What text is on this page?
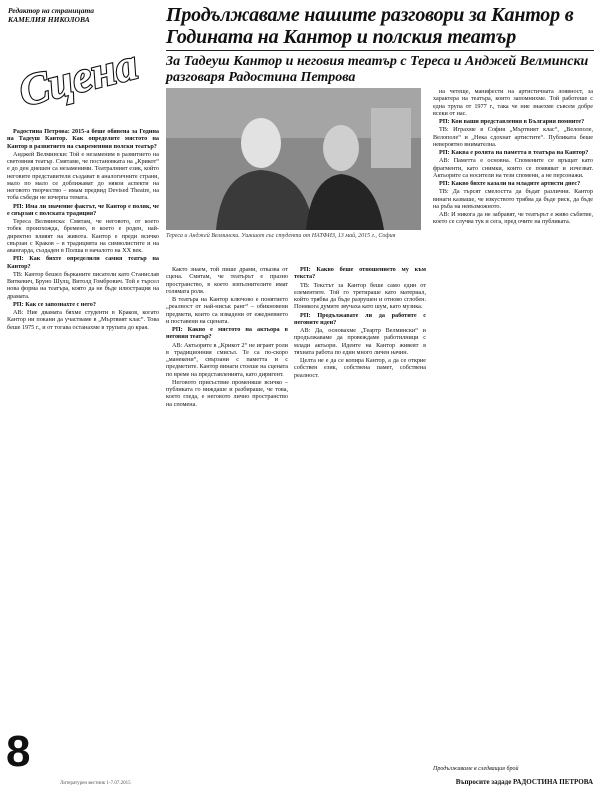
Редактор на страницата
КАМЕЛИЯ НИКОЛОВА
Сцена
Продължаваме нашите разговори за Кантор в Годината на Кантор и полския театър
За Тадеуш Кантор и неговия театър с Тереса и Анджей Велмински разговаря Радостина Петрова
Тереса и Анджей Велмински. Ушкшот със студенти от НАТФИЗ, 13 май, 2015 г., София

Радостина Петрова: 2015-а беше обявена за Година на Тадеуш Кантор. Как определяте мястото на Кантор в развитието на съвременния полски театър?

Анджей Велмински: Той е незаменим в развитието на световния театър. Смятаме, че постановката на „Крикот“ е до ден днешен са незаменими. Театралният език, който неговите представители създават в аналогичните страни, мало по мало се доближават до някои аспекти на неговото творчество – имам предвид Devised Theatre, на тоба събеди не изчерпа темата.

РП: Има ли значение фактът, че Кантор е поляк, че е свързан с полската традиция?

Тереса Велминска: Смятам, че неговото, от което тобек произхожда, бремено, в което е роден, най-директно влияят на живота. Кантор е преди всичко свързан с Краков – в традицията на символистите и на авангарда, създаден в Полша в началото на XX век.

РП: Как бихте определили самия театър на Кантор?

ТВ: Кантор бешел бърканите писатели като Станислав Виткевич, Бруно Шулц, Витолд Гомбрович. Той е търсел нова форма на театъра, която да не бъде илюстрация на драмата.

РП: Как се запознахте с него?

АВ: Ние двамата бяхме студенти в Краков, когато Кантор ни покани да участваме в „Мъртвият клас“. Това беше 1975 г., и от тогава останахме в трупата до края.

Както знаем, той пише драми, отказва от сцена. Смятам, че театърът е празно пространство, в което изпълнителите имат голямата роля.

В театъра на Кантор ключово е понятието „реалност от най-нисък ранг“ – обикновени предмети, които са извадени от ежедневието и поставени на сцената.

РП: Какво е мястото на актьора в неговия театър?

АВ: Актьорите в „Крикот 2“ не играят роли в традиционния смисъл. Те са по-скоро „манекени“, свързани с паметта и с предметите. Кантор винаги стоеше на сцената по време на представленията, като диригент.

Неговото присъствие променяше всичко – публиката го виждаше и разбираше, че това, което гледа, е неговото лично пространство на спомена.

РП: Какво беше отношението му към текста?

ТВ: Текстът за Кантор беше само един от елементите. Той го третираше като материал, който трябва да бъде разрушен и отново сглобен. Понякога думите звучаха като шум, като музика.

РП: Продължавате ли да работите с неговите идеи?

АВ: Да, основахме „Теартр Велмински“ и продължаваме да провеждаме работилници с млади актьори. Идеите на Кантор живеят в тяхната работа по един много личен начин.

Целта не е да се копира Кантор, а да се открие собствен език, собствена памет, собствена реалност.

на четеще, манифести на артистичната лоявност, за характера на театъра, които запомнихме. Той работеше с една трупа от 1977 г., така че ние знаехме съвсем добре всеки от нас.

РП: Кои ваши представления в България помните?

ТВ: Играхме в София „Мъртвият клас“, „Велополе, Велополе“ и „Нека сдохнат артистите“. Публиката беше невероятно внимателна.

РП: Каква е ролята на паметта в театъра на Кантор?

АВ: Паметта е основна. Спомените се връщат като фрагменти, като снимки, които се появяват и изчезват. Актьорите са носители на тези спомени, а не персонажи.

РП: Какво бихте казали на младите артисти днес?

ТВ: Да търсят смелостта да бъдат различни. Кантор винаги казваше, че изкуството трябва да бъде риск, да бъде на ръба на невъзможното.

АВ: И никога да не забравят, че театърът е живо събитие, което се случва тук и сега, пред очите на публиката.

Продължаваме в следващия брой
Въпросите зададе РАДОСТИНА ПЕТРОВА
8
Литературен вестник 1-7.07.2015
